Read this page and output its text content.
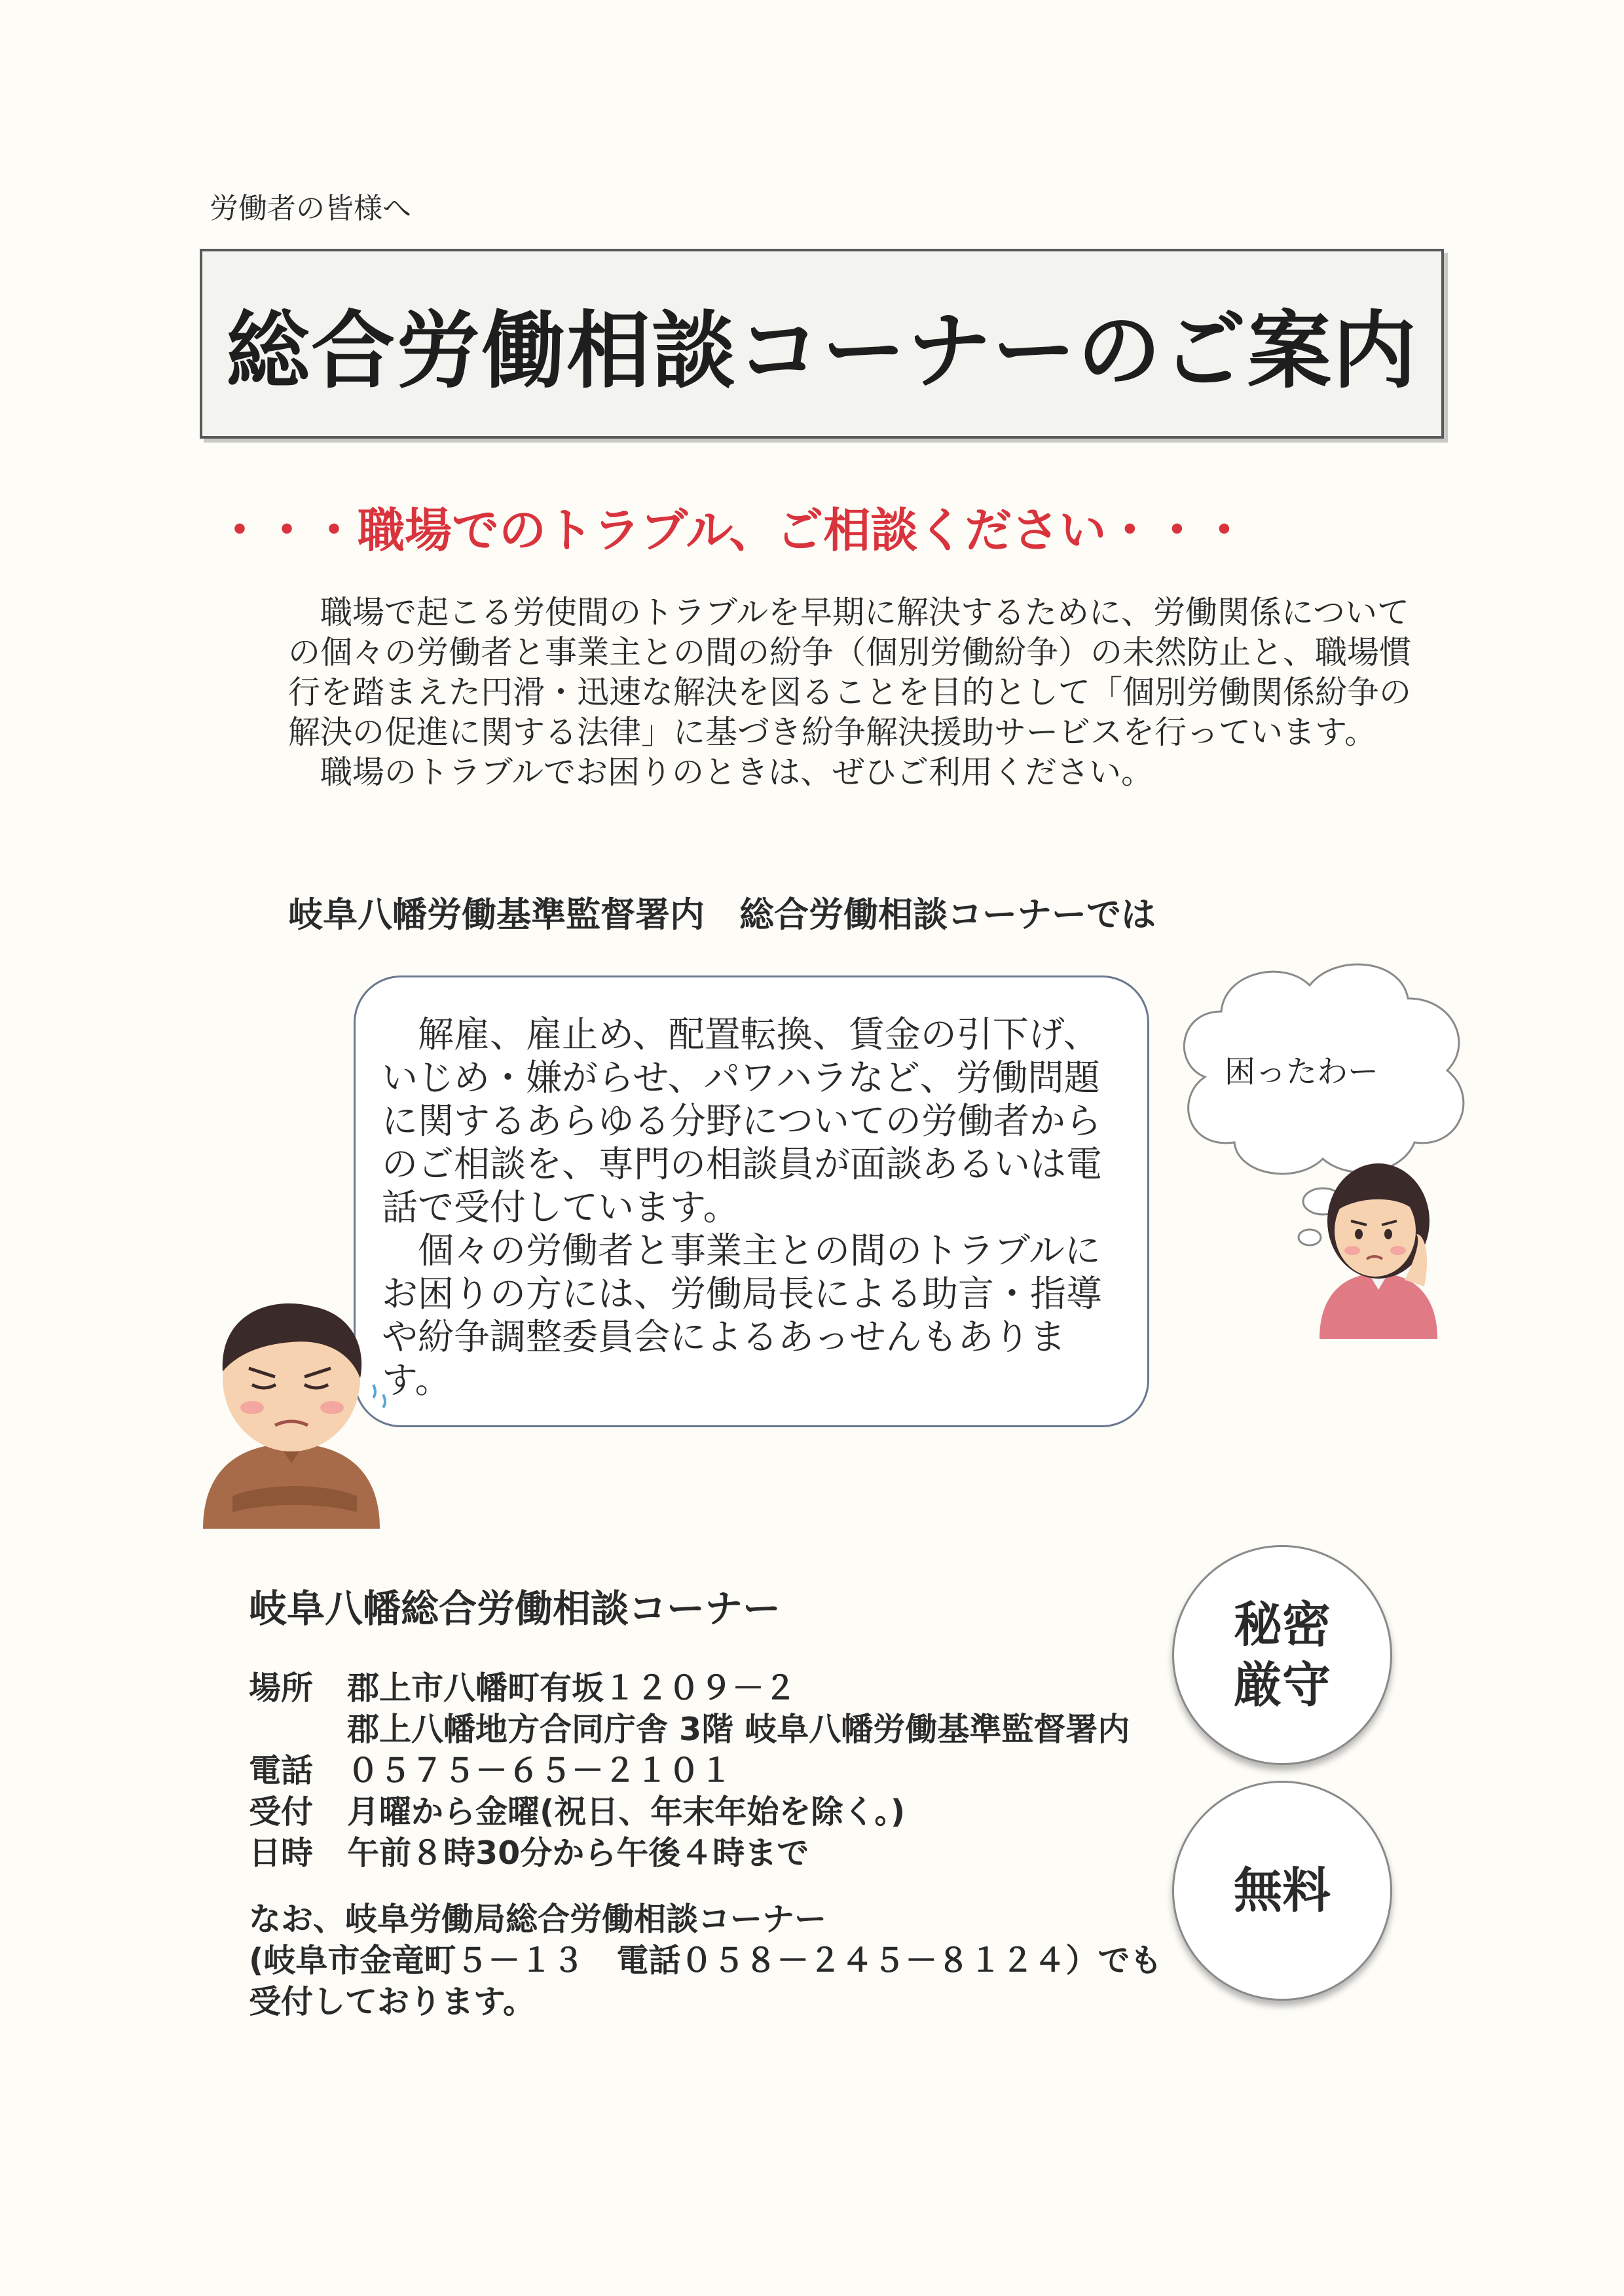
労働者の皆様へ
総合労働相談コーナーのご案内
・・・職場でのトラブル、ご相談ください・・・

職場で起こる労使間のトラブルを早期に解決するために、労働関係についての個々の労働者と事業主との間の紛争（個別労働紛争）の未然防止と、職場慣行を踏まえた円滑・迅速な解決を図ることを目的として「個別労働関係紛争の解決の促進に関する法律」に基づき紛争解決援助サービスを行っています。

職場のトラブルでお困りのときは、ぜひご利用ください。

岐阜八幡労働基準監督署内　総合労働相談コーナーでは

解雇、雇止め、配置転換、賃金の引下げ、いじめ・嫌がらせ、パワハラなど、労働問題に関するあらゆる分野についての労働者からのご相談を、専門の相談員が面談あるいは電話で受付しています。

個々の労働者と事業主との間のトラブルにお困りの方には、労働局長による助言・指導や紛争調整委員会によるあっせんもあります。

困ったわー
岐阜八幡総合労働相談コーナー
場所 郡上市八幡町有坂１２０９－２
郡上八幡地方合同庁舎 3階 岐阜八幡労働基準監督署内
電話 ０５７５－６５－２１０１
受付 月曜から金曜(祝日、年末年始を除く。)
日時 午前８時30分から午後４時まで
なお、岐阜労働局総合労働相談コーナー
(岐阜市金竜町５－１３　電話０５８－２４５－８１２４）でも
受付しております。
秘密
厳守
無料
